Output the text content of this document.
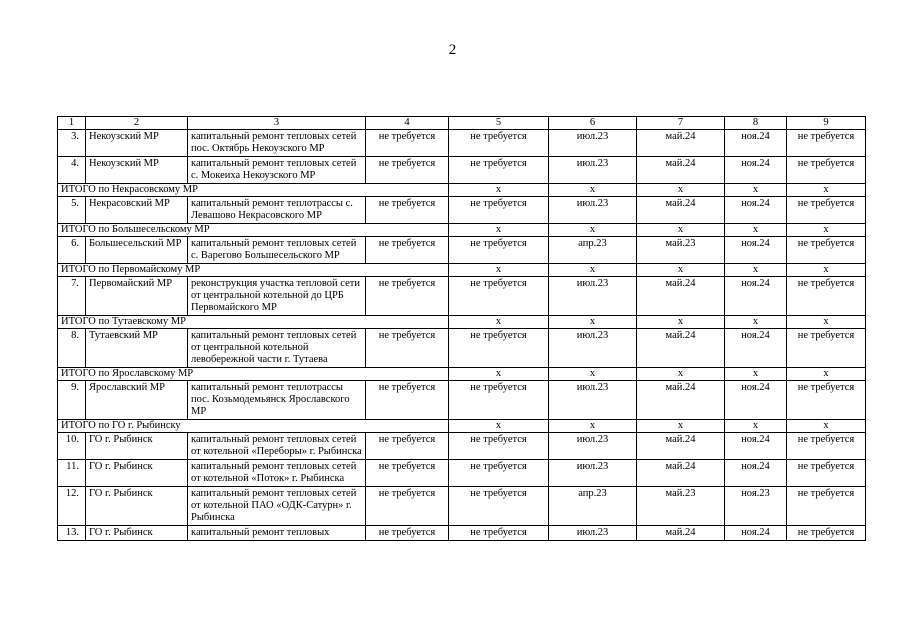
2
1	2	3	4	5	6	7	8	9
3.	Некоузский МР	капитальный ремонт тепловых сетей пос. Октябрь Некоузского МР	не требуется	не требуется	июл.23	май.24	ноя.24	не требуется
4.	Некоузский МР	капитальный ремонт тепловых сетей с. Мокеиха Некоузского МР	не требуется	не требуется	июл.23	май.24	ноя.24	не требуется
ИТОГО по Некрасовскому МР				х	х	х	х	х
5.	Некрасовский МР	капитальный ремонт теплотрассы с. Левашово Некрасовского МР	не требуется	не требуется	июл.23	май.24	ноя.24	не требуется
ИТОГО по Большесельскому МР				х	х	х	х	х
6.	Большесельский МР	капитальный ремонт тепловых сетей с. Варегово Большесельского МР	не требуется	не требуется	апр.23	май.23	ноя.24	не требуется
ИТОГО по Первомайскому МР				х	х	х	х	х
7.	Первомайский МР	реконструкция участка тепловой сети от центральной котельной до ЦРБ Первомайского МР	не требуется	не требуется	июл.23	май.24	ноя.24	не требуется
ИТОГО по Тутаевскому МР				х	х	х	х	х
8.	Тутаевский МР	капитальный ремонт тепловых сетей от центральной котельной левобережной части г. Тутаева	не требуется	не требуется	июл.23	май.24	ноя.24	не требуется
ИТОГО по Ярославскому МР				х	х	х	х	х
9.	Ярославский МР	капитальный ремонт теплотрассы пос. Козьмодемьянск Ярославского МР	не требуется	не требуется	июл.23	май.24	ноя.24	не требуется
ИТОГО по ГО г. Рыбинску				х	х	х	х	х
10.	ГО г. Рыбинск	капитальный ремонт тепловых сетей от котельной «Переборы» г. Рыбинска	не требуется	не требуется	июл.23	май.24	ноя.24	не требуется
11.	ГО г. Рыбинск	капитальный ремонт тепловых сетей от котельной «Поток» г. Рыбинска	не требуется	не требуется	июл.23	май.24	ноя.24	не требуется
12.	ГО г. Рыбинск	капитальный ремонт тепловых сетей от котельной ПАО «ОДК-Сатурн» г. Рыбинска	не требуется	не требуется	апр.23	май.23	ноя.23	не требуется
13.	ГО г. Рыбинск	капитальный ремонт тепловых	не требуется	не требуется	июл.23	май.24	ноя.24	не требуется
